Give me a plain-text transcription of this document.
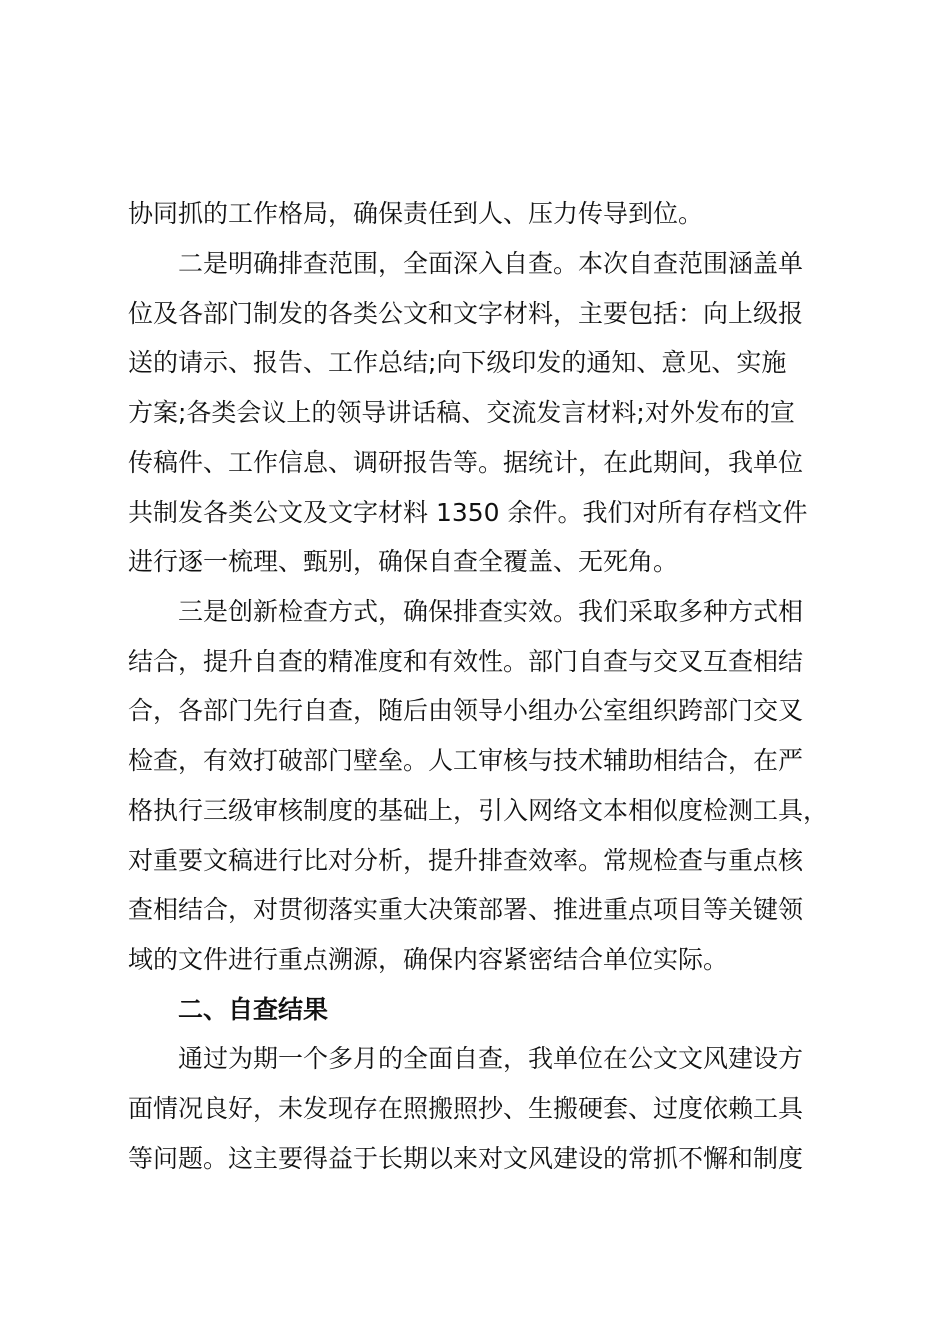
协同抓的工作格局，确保责任到人、压力传导到位。

二是明确排查范围，全面深入自查。本次自查范围涵盖单

位及各部门制发的各类公文和文字材料，主要包括：向上级报

送的请示、报告、工作总结;向下级印发的通知、意见、实施

方案;各类会议上的领导讲话稿、交流发言材料;对外发布的宣

传稿件、工作信息、调研报告等。据统计，在此期间，我单位

共制发各类公文及文字材料 1350 余件。我们对所有存档文件

进行逐一梳理、甄别，确保自查全覆盖、无死角。

三是创新检查方式，确保排查实效。我们采取多种方式相

结合，提升自查的精准度和有效性。部门自查与交叉互查相结

合，各部门先行自查，随后由领导小组办公室组织跨部门交叉

检查，有效打破部门壁垒。人工审核与技术辅助相结合，在严

格执行三级审核制度的基础上，引入网络文本相似度检测工具，

对重要文稿进行比对分析，提升排查效率。常规检查与重点核

查相结合，对贯彻落实重大决策部署、推进重点项目等关键领

域的文件进行重点溯源，确保内容紧密结合单位实际。

二、自查结果

通过为期一个多月的全面自查，我单位在公文文风建设方

面情况良好，未发现存在照搬照抄、生搬硬套、过度依赖工具

等问题。这主要得益于长期以来对文风建设的常抓不懈和制度
